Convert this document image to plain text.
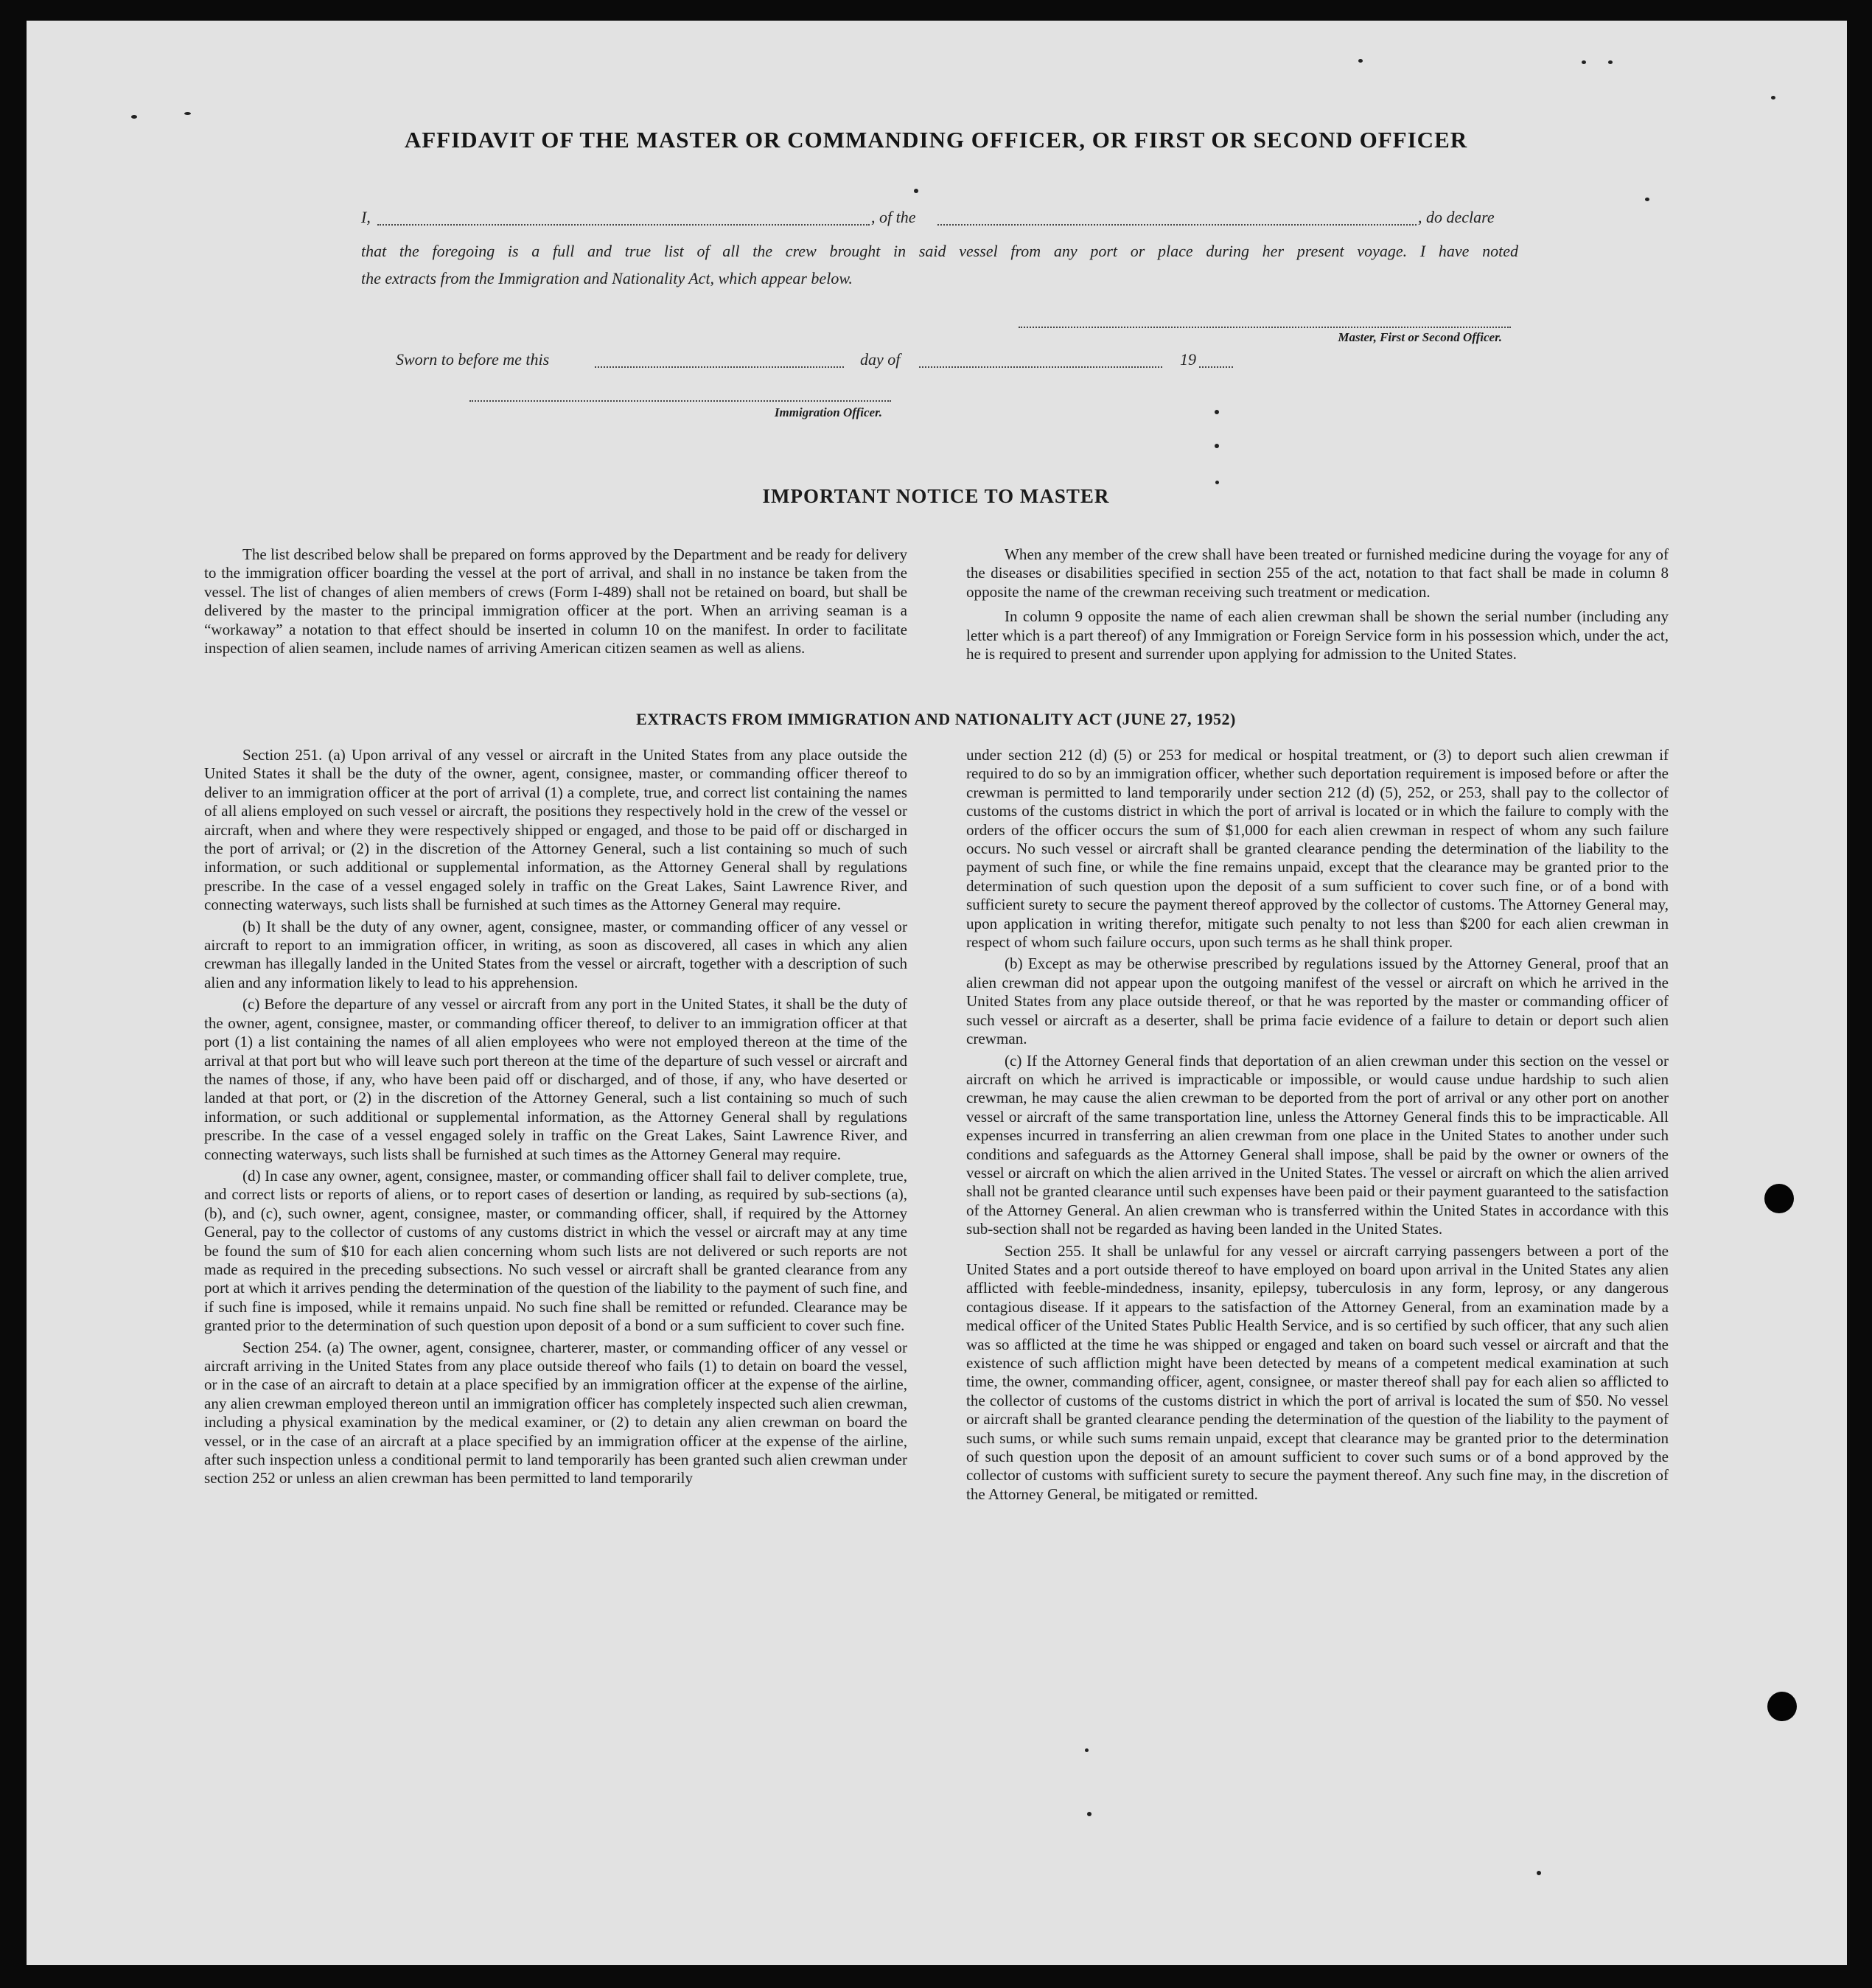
AFFIDAVIT OF THE MASTER OR COMMANDING OFFICER, OR FIRST OR SECOND OFFICER
I,	, of the	, do declare
that the foregoing is a full and true list of all the crew brought in said vessel from any port or place during her present voyage. I have noted
the extracts from the Immigration and Nationality Act, which appear below.
Master, First or Second Officer.
Sworn to before me this	day of	19
Immigration Officer.
IMPORTANT NOTICE TO MASTER

The list described below shall be prepared on forms approved by the Department and be ready for delivery to the immigration officer boarding the vessel at the port of arrival, and shall in no instance be taken from the vessel. The list of changes of alien members of crews (Form I-489) shall not be retained on board, but shall be delivered by the master to the principal immigration officer at the port. When an arriving seaman is a “workaway” a notation to that effect should be inserted in column 10 on the manifest. In order to facilitate inspection of alien seamen, include names of arriving American citizen seamen as well as aliens.

When any member of the crew shall have been treated or furnished medicine during the voyage for any of the diseases or disabilities specified in section 255 of the act, notation to that fact shall be made in column 8 opposite the name of the crewman receiving such treatment or medication.

In column 9 opposite the name of each alien crewman shall be shown the serial number (including any letter which is a part thereof) of any Immigration or Foreign Service form in his possession which, under the act, he is required to present and surrender upon applying for admission to the United States.

EXTRACTS FROM IMMIGRATION AND NATIONALITY ACT (JUNE 27, 1952)

Section 251. (a) Upon arrival of any vessel or aircraft in the United States from any place outside the United States it shall be the duty of the owner, agent, consignee, master, or commanding officer thereof to deliver to an immigration officer at the port of arrival (1) a complete, true, and correct list containing the names of all aliens employed on such vessel or aircraft, the positions they respectively hold in the crew of the vessel or aircraft, when and where they were respectively shipped or engaged, and those to be paid off or discharged in the port of arrival; or (2) in the discretion of the Attorney General, such a list containing so much of such information, or such additional or supplemental information, as the Attorney General shall by regulations prescribe. In the case of a vessel engaged solely in traffic on the Great Lakes, Saint Lawrence River, and connecting waterways, such lists shall be furnished at such times as the Attorney General may require.

(b) It shall be the duty of any owner, agent, consignee, master, or commanding officer of any vessel or aircraft to report to an immigration officer, in writing, as soon as discovered, all cases in which any alien crewman has illegally landed in the United States from the vessel or aircraft, together with a description of such alien and any information likely to lead to his apprehension.

(c) Before the departure of any vessel or aircraft from any port in the United States, it shall be the duty of the owner, agent, consignee, master, or commanding officer thereof, to deliver to an immigration officer at that port (1) a list containing the names of all alien employees who were not employed thereon at the time of the arrival at that port but who will leave such port thereon at the time of the departure of such vessel or aircraft and the names of those, if any, who have been paid off or discharged, and of those, if any, who have deserted or landed at that port, or (2) in the discretion of the Attorney General, such a list containing so much of such information, or such additional or supplemental information, as the Attorney General shall by regulations prescribe. In the case of a vessel engaged solely in traffic on the Great Lakes, Saint Lawrence River, and connecting waterways, such lists shall be furnished at such times as the Attorney General may require.

(d) In case any owner, agent, consignee, master, or commanding officer shall fail to deliver complete, true, and correct lists or reports of aliens, or to report cases of desertion or landing, as required by sub-sections (a), (b), and (c), such owner, agent, consignee, master, or commanding officer, shall, if required by the Attorney General, pay to the collector of customs of any customs district in which the vessel or aircraft may at any time be found the sum of $10 for each alien concerning whom such lists are not delivered or such reports are not made as required in the preceding subsections. No such vessel or aircraft shall be granted clearance from any port at which it arrives pending the determination of the question of the liability to the payment of such fine, and if such fine is imposed, while it remains unpaid. No such fine shall be remitted or refunded. Clearance may be granted prior to the determination of such question upon deposit of a bond or a sum sufficient to cover such fine.

Section 254. (a) The owner, agent, consignee, charterer, master, or commanding officer of any vessel or aircraft arriving in the United States from any place outside thereof who fails (1) to detain on board the vessel, or in the case of an aircraft to detain at a place specified by an immigration officer at the expense of the airline, any alien crewman employed thereon until an immigration officer has completely inspected such alien crewman, including a physical examination by the medical examiner, or (2) to detain any alien crewman on board the vessel, or in the case of an aircraft at a place specified by an immigration officer at the expense of the airline, after such inspection unless a conditional permit to land temporarily has been granted such alien crewman under section 252 or unless an alien crewman has been permitted to land temporarily

under section 212 (d) (5) or 253 for medical or hospital treatment, or (3) to deport such alien crewman if required to do so by an immigration officer, whether such deportation requirement is imposed before or after the crewman is permitted to land temporarily under section 212 (d) (5), 252, or 253, shall pay to the collector of customs of the customs district in which the port of arrival is located or in which the failure to comply with the orders of the officer occurs the sum of $1,000 for each alien crewman in respect of whom any such failure occurs. No such vessel or aircraft shall be granted clearance pending the determination of the liability to the payment of such fine, or while the fine remains unpaid, except that the clearance may be granted prior to the determination of such question upon the deposit of a sum sufficient to cover such fine, or of a bond with sufficient surety to secure the payment thereof approved by the collector of customs. The Attorney General may, upon application in writing therefor, mitigate such penalty to not less than $200 for each alien crewman in respect of whom such failure occurs, upon such terms as he shall think proper.

(b) Except as may be otherwise prescribed by regulations issued by the Attorney General, proof that an alien crewman did not appear upon the outgoing manifest of the vessel or aircraft on which he arrived in the United States from any place outside thereof, or that he was reported by the master or commanding officer of such vessel or aircraft as a deserter, shall be prima facie evidence of a failure to detain or deport such alien crewman.

(c) If the Attorney General finds that deportation of an alien crewman under this section on the vessel or aircraft on which he arrived is impracticable or impossible, or would cause undue hardship to such alien crewman, he may cause the alien crewman to be deported from the port of arrival or any other port on another vessel or aircraft of the same transportation line, unless the Attorney General finds this to be impracticable. All expenses incurred in transferring an alien crewman from one place in the United States to another under such conditions and safeguards as the Attorney General shall impose, shall be paid by the owner or owners of the vessel or aircraft on which the alien arrived in the United States. The vessel or aircraft on which the alien arrived shall not be granted clearance until such expenses have been paid or their payment guaranteed to the satisfaction of the Attorney General. An alien crewman who is transferred within the United States in accordance with this sub-section shall not be regarded as having been landed in the United States.

Section 255. It shall be unlawful for any vessel or aircraft carrying passengers between a port of the United States and a port outside thereof to have employed on board upon arrival in the United States any alien afflicted with feeble-mindedness, insanity, epilepsy, tuberculosis in any form, leprosy, or any dangerous contagious disease. If it appears to the satisfaction of the Attorney General, from an examination made by a medical officer of the United States Public Health Service, and is so certified by such officer, that any such alien was so afflicted at the time he was shipped or engaged and taken on board such vessel or aircraft and that the existence of such affliction might have been detected by means of a competent medical examination at such time, the owner, commanding officer, agent, consignee, or master thereof shall pay for each alien so afflicted to the collector of customs of the customs district in which the port of arrival is located the sum of $50. No vessel or aircraft shall be granted clearance pending the determination of the question of the liability to the payment of such sums, or while such sums remain unpaid, except that clearance may be granted prior to the determination of such question upon the deposit of an amount sufficient to cover such sums or of a bond approved by the collector of customs with sufficient surety to secure the payment thereof. Any such fine may, in the discretion of the Attorney General, be mitigated or remitted.
